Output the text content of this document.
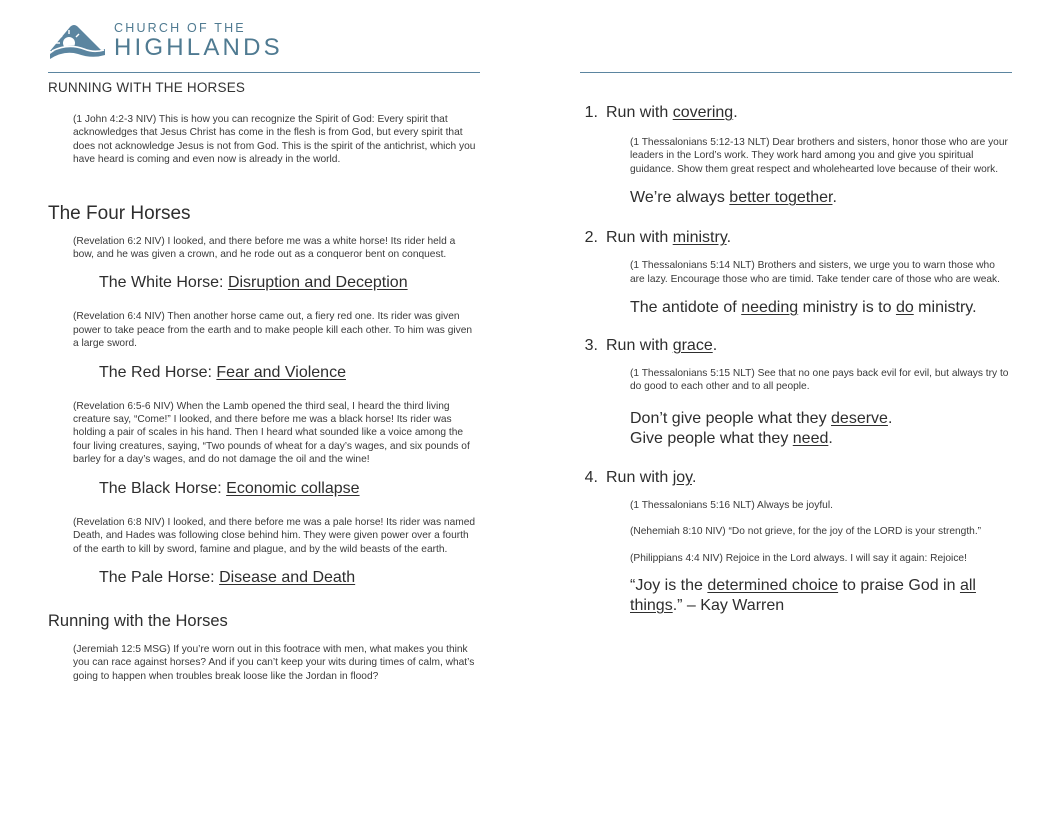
CHURCH OF THE
HIGHLANDS
RUNNING WITH THE HORSES

(1 John 4:2-3 NIV) This is how you can recognize the Spirit of God: Every spirit that acknowledges that Jesus Christ has come in the flesh is from God, but every spirit that does not acknowledge Jesus is not from God. This is the spirit of the antichrist, which you have heard is coming and even now is already in the world.

The Four Horses

(Revelation 6:2 NIV) I looked, and there before me was a white horse! Its rider held a bow, and he was given a crown, and he rode out as a conqueror bent on conquest.

The White Horse: Disruption and Deception

(Revelation 6:4 NIV) Then another horse came out, a fiery red one. Its rider was given power to take peace from the earth and to make people kill each other. To him was given a large sword.

The Red Horse: Fear and Violence

(Revelation 6:5-6 NIV) When the Lamb opened the third seal, I heard the third living creature say, “Come!” I looked, and there before me was a black horse! Its rider was holding a pair of scales in his hand. Then I heard what sounded like a voice among the four living creatures, saying, “Two pounds of wheat for a day’s wages, and six pounds of barley for a day’s wages, and do not damage the oil and the wine!

The Black Horse: Economic collapse

(Revelation 6:8 NIV) I looked, and there before me was a pale horse! Its rider was named Death, and Hades was following close behind him. They were given power over a fourth of the earth to kill by sword, famine and plague, and by the wild beasts of the earth.

The Pale Horse: Disease and Death
Running with the Horses

(Jeremiah 12:5 MSG) If you’re worn out in this footrace with men, what makes you think you can race against horses? And if you can’t keep your wits during times of calm, what’s going to happen when troubles break loose like the Jordan in flood?

1. Run with covering.

(1 Thessalonians 5:12-13 NLT) Dear brothers and sisters, honor those who are your leaders in the Lord’s work. They work hard among you and give you spiritual guidance. Show them great respect and wholehearted love because of their work.

We’re always better together.
2. Run with ministry.

(1 Thessalonians 5:14 NLT) Brothers and sisters, we urge you to warn those who are lazy. Encourage those who are timid. Take tender care of those who are weak.

The antidote of needing ministry is to do ministry.
3. Run with grace.

(1 Thessalonians 5:15 NLT) See that no one pays back evil for evil, but always try to do good to each other and to all people.

Don’t give people what they deserve.
Give people what they need.
4. Run with joy.

(1 Thessalonians 5:16 NLT) Always be joyful.

(Nehemiah 8:10 NIV) “Do not grieve, for the joy of the LORD is your strength.”

(Philippians 4:4 NIV) Rejoice in the Lord always. I will say it again: Rejoice!

“Joy is the determined choice to praise God in all things.” – Kay Warren
